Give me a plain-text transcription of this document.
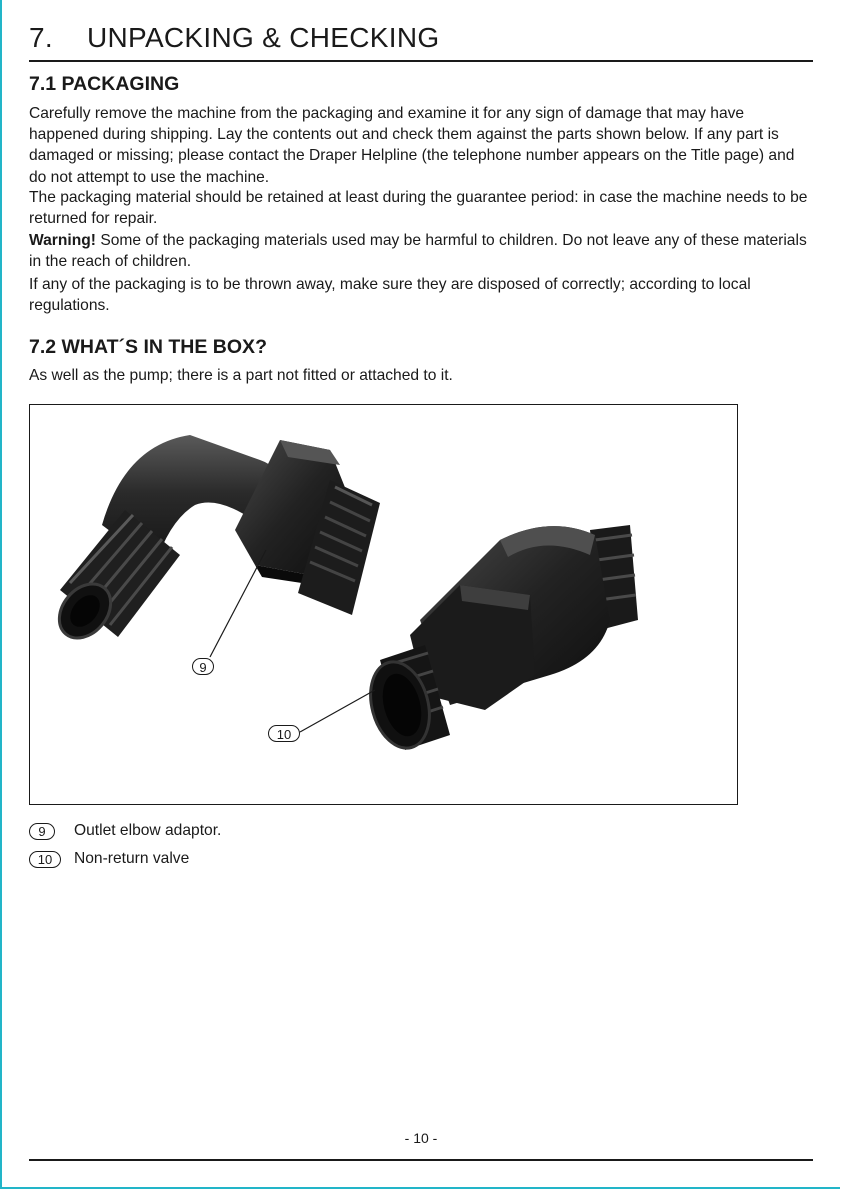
7. UNPACKING & CHECKING
7.1 PACKAGING

Carefully remove the machine from the packaging and examine it for any sign of damage that may have happened during shipping. Lay the contents out and check them against the parts shown below. If any part is damaged or missing; please contact the Draper Helpline (the telephone number appears on the Title page) and do not attempt to use the machine.

The packaging material should be retained at least during the guarantee period: in case the machine needs to be returned for repair.

Warning! Some of the packaging materials used may be harmful to children. Do not leave any of these materials in the reach of children.

If any of the packaging is to be thrown away, make sure they are disposed of correctly; according to local regulations.

7.2 WHAT´S IN THE BOX?

As well as the pump; there is a part not fitted or attached to it.

9
10
9	Outlet elbow adaptor.
10	Non-return valve
- 10 -
